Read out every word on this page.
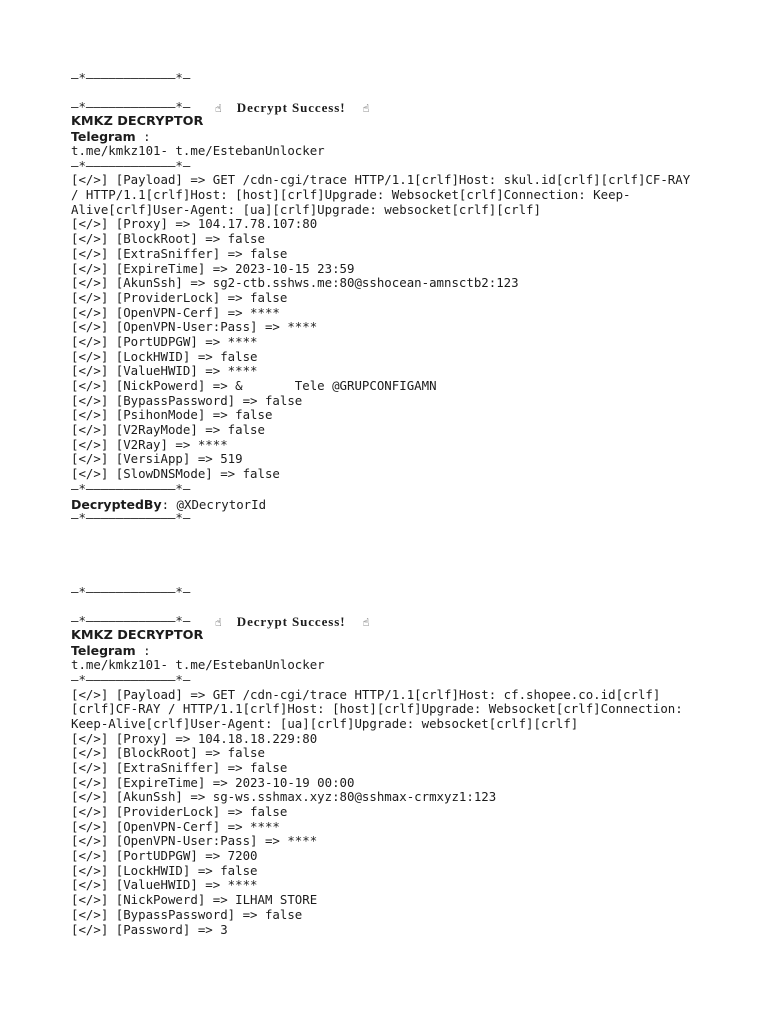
—*————————————*—

☝ Decrypt Success!☝

—*————————————*—
KMKZ DECRYPTOR
Telegram :
t.me/kmkz101- t.me/EstebanUnlocker
—*————————————*—
[</>] [Payload] => GET /cdn-cgi/trace HTTP/1.1[crlf]Host: skul.id[crlf][crlf]CF-RAY
/ HTTP/1.1[crlf]Host: [host][crlf]Upgrade: Websocket[crlf]Connection: Keep-
Alive[crlf]User-Agent: [ua][crlf]Upgrade: websocket[crlf][crlf]
[</>] [Proxy] => 104.17.78.107:80
[</>] [BlockRoot] => false
[</>] [ExtraSniffer] => false
[</>] [ExpireTime] => 2023-10-15 23:59
[</>] [AkunSsh] => sg2-ctb.sshws.me:80@sshocean-amnsctb2:123
[</>] [ProviderLock] => false
[</>] [OpenVPN-Cerf] => ****
[</>] [OpenVPN-User:Pass] => ****
[</>] [PortUDPGW] => ****
[</>] [LockHWID] => false
[</>] [ValueHWID] => ****
[</>] [NickPowerd] => &       Tele @GRUPCONFIGAMN
[</>] [BypassPassword] => false
[</>] [PsihonMode] => false
[</>] [V2RayMode] => false
[</>] [V2Ray] => ****
[</>] [VersiApp] => 519
[</>] [SlowDNSMode] => false
—*————————————*—
DecryptedBy: @XDecrytorId
—*————————————*—
—*————————————*—

☝ Decrypt Success!☝

—*————————————*—
KMKZ DECRYPTOR
Telegram :
t.me/kmkz101- t.me/EstebanUnlocker
—*————————————*—
[</>] [Payload] => GET /cdn-cgi/trace HTTP/1.1[crlf]Host: cf.shopee.co.id[crlf]
[crlf]CF-RAY / HTTP/1.1[crlf]Host: [host][crlf]Upgrade: Websocket[crlf]Connection:
Keep-Alive[crlf]User-Agent: [ua][crlf]Upgrade: websocket[crlf][crlf]
[</>] [Proxy] => 104.18.18.229:80
[</>] [BlockRoot] => false
[</>] [ExtraSniffer] => false
[</>] [ExpireTime] => 2023-10-19 00:00
[</>] [AkunSsh] => sg-ws.sshmax.xyz:80@sshmax-crmxyz1:123
[</>] [ProviderLock] => false
[</>] [OpenVPN-Cerf] => ****
[</>] [OpenVPN-User:Pass] => ****
[</>] [PortUDPGW] => 7200
[</>] [LockHWID] => false
[</>] [ValueHWID] => ****
[</>] [NickPowerd] => ILHAM STORE
[</>] [BypassPassword] => false
[</>] [Password] => 3
